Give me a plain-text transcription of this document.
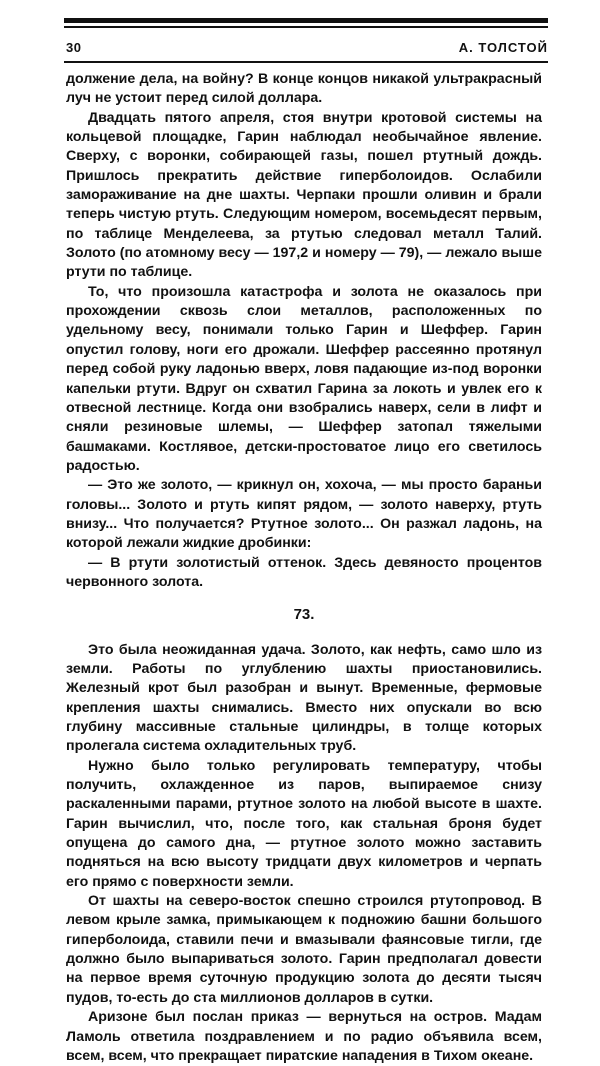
30	А. ТОЛСТОЙ

должение дела, на войну? В конце концов никакой ультракрасный луч не устоит перед силой доллара.

Двадцать пятого апреля, стоя внутри кротовой системы на кольцевой площадке, Гарин наблюдал необычайное явление. Сверху, с воронки, собирающей газы, пошел ртутный дождь. Пришлось прекратить действие гиперболоидов. Ослабили замораживание на дне шахты. Черпаки прошли оливин и брали теперь чистую ртуть. Следующим номером, восемьдесят первым, по таблице Менделеева, за ртутью следовал металл Талий. Золото (по атомному весу — 197,2 и номеру — 79), — лежало выше ртути по таблице.

То, что произошла катастрофа и золота не оказалось при прохождении сквозь слои металлов, расположенных по удельному весу, понимали только Гарин и Шеффер. Гарин опустил голову, ноги его дрожали. Шеффер рассеянно протянул перед собой руку ладонью вверх, ловя падающие из-под воронки капельки ртути. Вдруг он схватил Гарина за локоть и увлек его к отвесной лестнице. Когда они взобрались наверх, сели в лифт и сняли резиновые шлемы, — Шеффер затопал тяжелыми башмаками. Костлявое, детски-простоватое лицо его светилось радостью.

— Это же золото, — крикнул он, хохоча, — мы просто бараньи головы... Золото и ртуть кипят рядом, — золото наверху, ртуть внизу... Что получается? Ртутное золото... Он разжал ладонь, на которой лежали жидкие дробинки:

— В ртути золотистый оттенок. Здесь девяносто процентов червонного золота.

73.

Это была неожиданная удача. Золото, как нефть, само шло из земли. Работы по углублению шахты приостановились. Железный крот был разобран и вынут. Временные, фермовые крепления шахты снимались. Вместо них опускали во всю глубину массивные стальные цилиндры, в толще которых пролегала система охладительных труб.

Нужно было только регулировать температуру, чтобы получить, охлажденное из паров, выпираемое снизу раскаленными парами, ртутное золото на любой высоте в шахте. Гарин вычислил, что, после того, как стальная броня будет опущена до самого дна, — ртутное золото можно заставить подняться на всю высоту тридцати двух километров и черпать его прямо с поверхности земли.

От шахты на северо-восток спешно строился ртутопровод. В левом крыле замка, примыкающем к подножию башни большого гиперболоида, ставили печи и вмазывали фаянсовые тигли, где должно было выпариваться золото. Гарин предполагал довести на первое время суточную продукцию золота до десяти тысяч пудов, то-есть до ста миллионов долларов в сутки.

Аризоне был послан приказ — вернуться на остров. Мадам Ламоль ответила поздравлением и по радио объявила всем, всем, всем, что прекращает пиратские нападения в Тихом океане.
